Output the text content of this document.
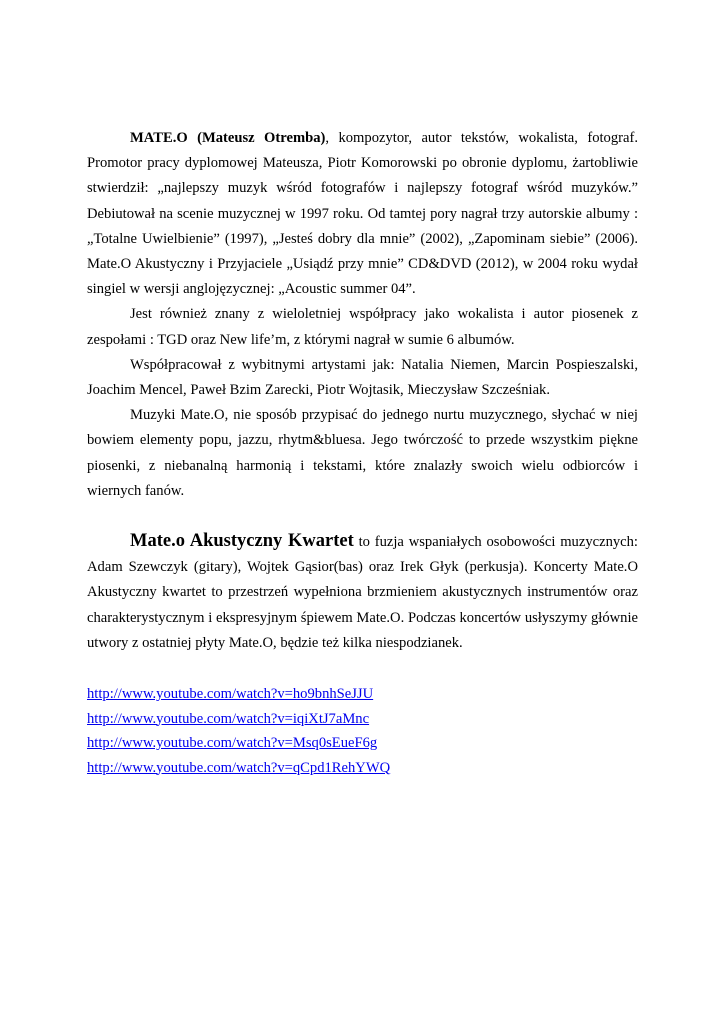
MATE.O (Mateusz Otremba), kompozytor, autor tekstów, wokalista, fotograf. Promotor pracy dyplomowej Mateusza, Piotr Komorowski po obronie dyplomu, żartobliwie stwierdził: „najlepszy muzyk wśród fotografów i najlepszy fotograf wśród muzyków.” Debiutował na scenie muzycznej w 1997 roku. Od tamtej pory nagrał trzy autorskie albumy : „Totalne Uwielbienie” (1997), „Jesteś dobry dla mnie” (2002), „Zapominam siebie” (2006). Mate.O Akustyczny i Przyjaciele „Usiądź przy mnie” CD&DVD (2012), w 2004 roku wydał singiel w wersji anglojęzycznej: „Acoustic summer 04”.

Jest również znany z wieloletniej współpracy jako wokalista i autor piosenek z zespołami : TGD oraz New life’m, z którymi nagrał w sumie 6 albumów.

Współpracował z wybitnymi artystami jak: Natalia Niemen, Marcin Pospieszalski, Joachim Mencel, Paweł Bzim Zarecki, Piotr Wojtasik, Mieczysław Szcześniak.

Muzyki Mate.O, nie sposób przypisać do jednego nurtu muzycznego, słychać w niej bowiem elementy popu, jazzu, rhytm&bluesa. Jego twórczość to przede wszystkim piękne piosenki, z niebanalną harmonią i tekstami, które znalazły swoich wielu odbiorców i wiernych fanów.

Mate.o Akustyczny Kwartet to fuzja wspaniałych osobowości muzycznych: Adam Szewczyk (gitary), Wojtek Gąsior(bas) oraz Irek Głyk (perkusja). Koncerty Mate.O Akustyczny kwartet to przestrzeń wypełniona brzmieniem akustycznych instrumentów oraz charakterystycznym i ekspresyjnym śpiewem Mate.O. Podczas koncertów usłyszymy głównie utwory z ostatniej płyty Mate.O, będzie też kilka niespodzianek.

http://www.youtube.com/watch?v=ho9bnhSeJJU
http://www.youtube.com/watch?v=iqiXtJ7aMnc
http://www.youtube.com/watch?v=Msq0sEueF6g
http://www.youtube.com/watch?v=qCpd1RehYWQ
